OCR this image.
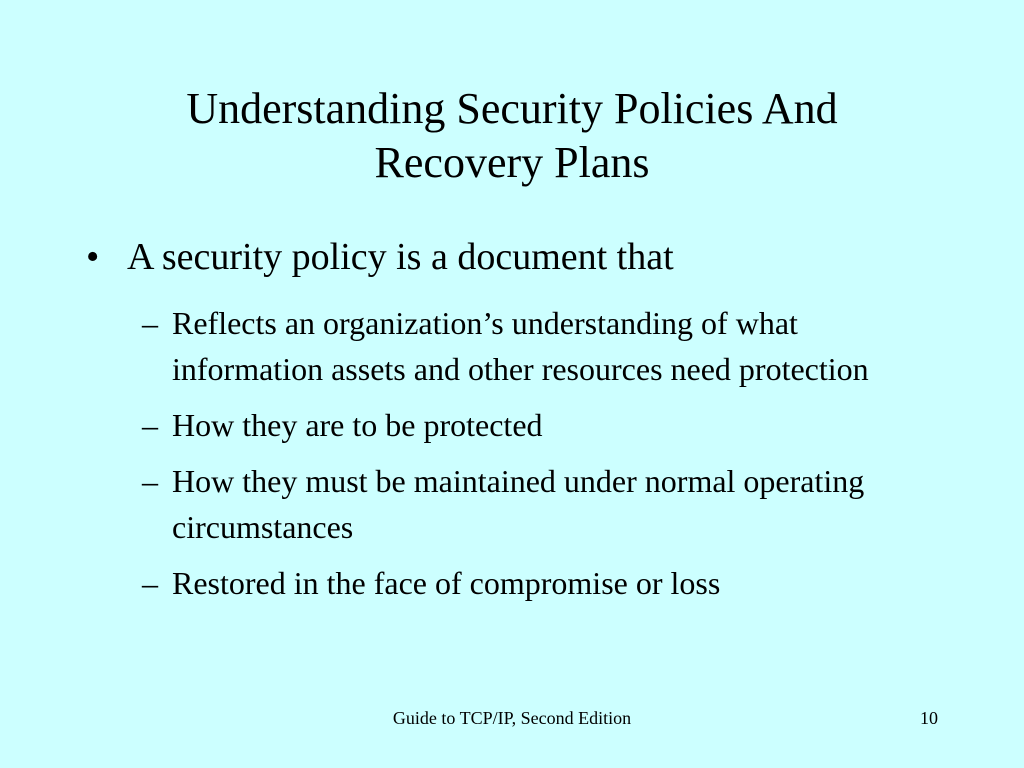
Understanding Security Policies And
Recovery Plans
• A security policy is a document that
– Reflects an organization’s understanding of what information assets and other resources need protection
– How they are to be protected
– How they must be maintained under normal operating circumstances
– Restored in the face of compromise or loss
Guide to TCP/IP, Second Edition	10
